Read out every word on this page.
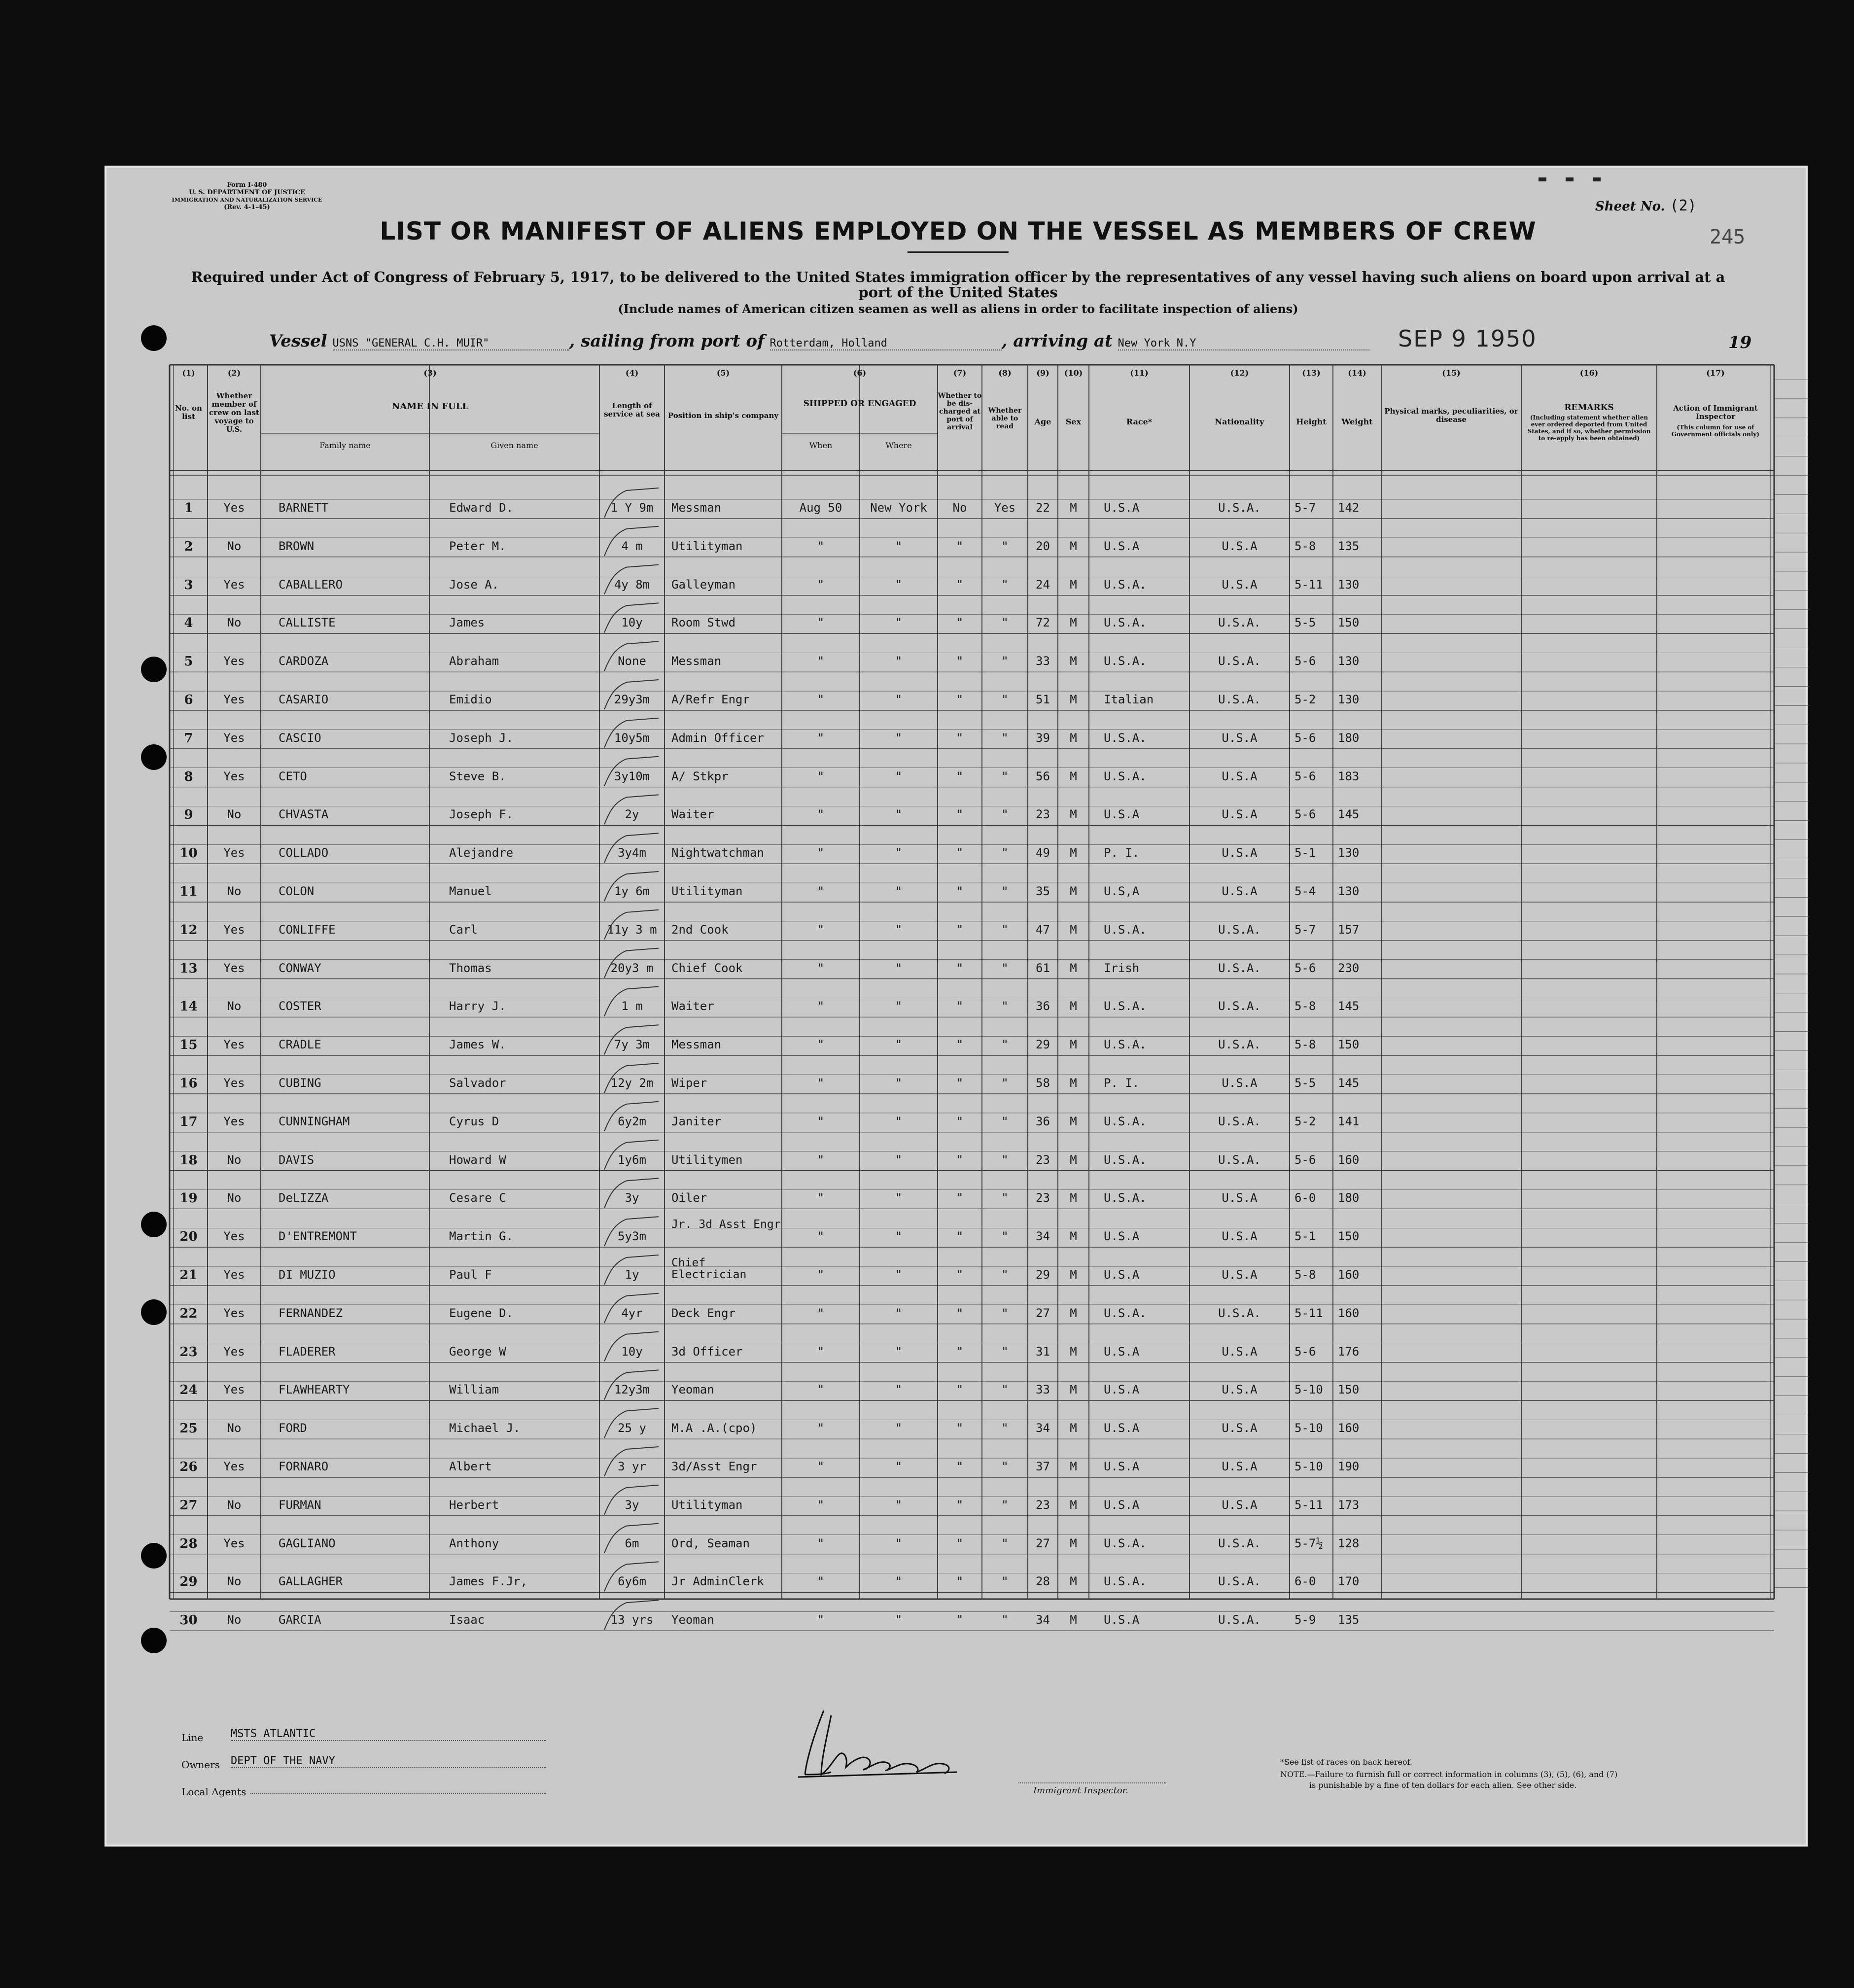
Form I-480
U. S. DEPARTMENT OF JUSTICE
IMMIGRATION AND NATURALIZATION SERVICE
(Rev. 4-1-45)	Sheet No. (2)
245
LIST OR MANIFEST OF ALIENS EMPLOYED ON THE VESSEL AS MEMBERS OF CREW
Required under Act of Congress of February 5, 1917, to be delivered to the United States immigration officer by the representatives of any vessel having such aliens on board upon arrival at a
port of the United States
(Include names of American citizen seamen as well as aliens in order to facilitate inspection of aliens)
Vessel USNS "GENERAL C.H. MUIR"	, sailing from port of Rotterdam, Holland	, arriving at New York N.Y	SEP 9 1950	19
(1)	(2)	(3)	(4)	(5)	(6)	(7)	(8)	(9)	(10)	(11)	(12)	(13)	(14)	(15)	(16)	(17)
No. on list
Whether member of crew on last voyage to U.S.
NAME IN FULL
Family name	Given name
Length of service at sea	Position in ship's company
SHIPPED OR ENGAGED
When	Where
Whether to be dis-charged at port of arrival
Whether able to read	Age	Sex	Race*	Nationality	Height	Weight
Physical marks, peculiarities, or disease
REMARKS
(Including statement whether alien ever ordered deported from United States, and if so, whether permission to re-apply has been obtained)
Action of Immigrant Inspector
(This column for use of Government officials only)
1	Yes	BARNETT	Edward D.	1 Y 9m	Messman	Aug 50	New York	No	Yes	22	M	U.S.A	U.S.A.	5-7 142
2	No	BROWN	Peter M.	4 m	Utilityman	"	"	"	"	20	M	U.S.A	U.S.A	5-8 135
3	Yes	CABALLERO	Jose A.	4y 8m	Galleyman	"	"	"	"	24	M	U.S.A.	U.S.A	5-11 130
4	No	CALLISTE	James	10y	Room Stwd	"	"	"	"	72	M	U.S.A.	U.S.A.	5-5 150
5	Yes	CARDOZA	Abraham	None	Messman	"	"	"	"	33	M	U.S.A.	U.S.A.	5-6 130
6	Yes	CASARIO	Emidio	29y3m	A/Refr Engr	"	"	"	"	51	M	Italian	U.S.A.	5-2 130
7	Yes	CASCIO	Joseph J.	10y5m	Admin Officer	"	"	"	"	39	M	U.S.A.	U.S.A	5-6 180
8	Yes	CETO	Steve B.	3y10m	A/ Stkpr	"	"	"	"	56	M	U.S.A.	U.S.A	5-6 183
9	No	CHVASTA	Joseph F.	2y	Waiter	"	"	"	"	23	M	U.S.A	U.S.A	5-6 145
10	Yes	COLLADO	Alejandre	3y4m	Nightwatchman	"	"	"	"	49	M	P. I.	U.S.A	5-1 130
11	No	COLON	Manuel	1y 6m	Utilityman	"	"	"	"	35	M	U.S,A	U.S.A	5-4 130
12	Yes	CONLIFFE	Carl	11y 3 m	2nd Cook	"	"	"	"	47	M	U.S.A.	U.S.A.	5-7 157
13	Yes	CONWAY	Thomas	20y3 m	Chief Cook	"	"	"	"	61	M	Irish	U.S.A.	5-6 230
14	No	COSTER	Harry J.	1 m	Waiter	"	"	"	"	36	M	U.S.A.	U.S.A.	5-8 145
15	Yes	CRADLE	James W.	7y 3m	Messman	"	"	"	"	29	M	U.S.A.	U.S.A.	5-8 150
16	Yes	CUBING	Salvador	12y 2m	Wiper	"	"	"	"	58	M	P. I.	U.S.A	5-5 145
17	Yes	CUNNINGHAM	Cyrus D	6y2m	Janiter	"	"	"	"	36	M	U.S.A.	U.S.A.	5-2 141
18	No	DAVIS	Howard W	1y6m	Utilitymen	"	"	"	"	23	M	U.S.A.	U.S.A.	5-6 160
19	No	DeLIZZA	Cesare C	3y	Oiler	"	"	"	"	23	M	U.S.A.	U.S.A	6-0 180
20	Yes	D'ENTREMONT	Martin G.	5y3m
Jr. 3d Asst Engr
"	"	"	"	34	M	U.S.A	U.S.A	5-1 150
21	Yes	DI MUZIO	Paul F	1y
Chief Electrician	"	"	"	"	29	M	U.S.A	U.S.A	5-8 160
22	Yes	FERNANDEZ	Eugene D.	4yr	Deck Engr	"	"	"	"	27	M	U.S.A.	U.S.A.	5-11 160
23	Yes	FLADERER	George W	10y	3d Officer	"	"	"	"	31	M	U.S.A	U.S.A	5-6 176
24	Yes	FLAWHEARTY	William	12y3m	Yeoman	"	"	"	"	33	M	U.S.A	U.S.A	5-10 150
25	No	FORD	Michael J.	25 y	M.A .A.(cpo)	"	"	"	"	34	M	U.S.A	U.S.A	5-10 160
26	Yes	FORNARO	Albert	3 yr	3d/Asst Engr	"	"	"	"	37	M	U.S.A	U.S.A	5-10 190
27	No	FURMAN	Herbert	3y	Utilityman	"	"	"	"	23	M	U.S.A	U.S.A	5-11 173
28	Yes	GAGLIANO	Anthony	6m	Ord, Seaman	"	"	"	"	27	M	U.S.A.	U.S.A.	5-7½ 128
29	No	GALLAGHER	James F.Jr,	6y6m	Jr AdminClerk	"	"	"	"	28	M	U.S.A.	U.S.A.	6-0 170
30	No	GARCIA	Isaac	13 yrs	Yeoman	"	"	"	"	34	M	U.S.A	U.S.A.	5-9 135
Line	MSTS ATLANTIC
Owners DEPT OF THE NAVY
Local Agents	Immigrant Inspector.
*See list of races on back hereof.
NOTE.—Failure to furnish full or correct information in columns (3), (5), (6), and (7)
is punishable by a fine of ten dollars for each alien. See other side.
